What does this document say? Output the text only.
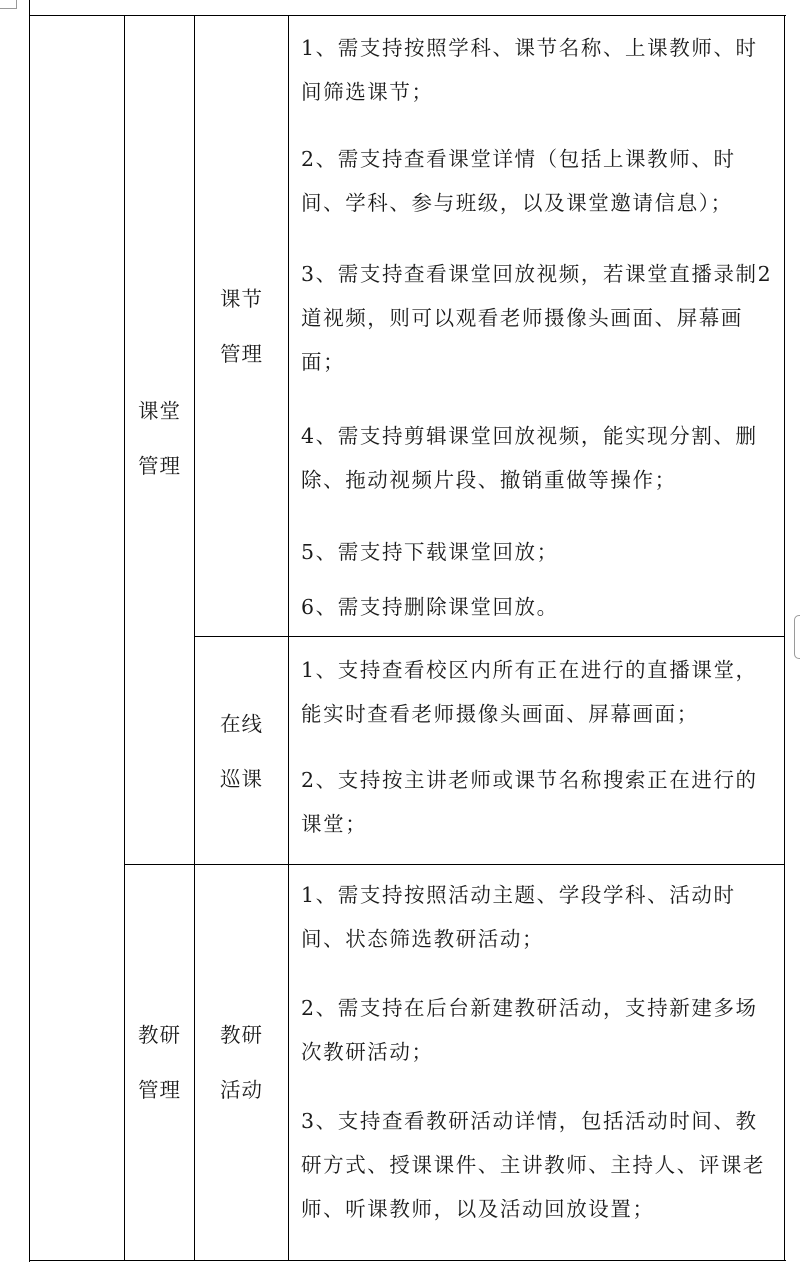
课堂
管理
教研
管理
课节
管理
在线
巡课
教研
活动
1、需支持按照学科、课节名称、上课教师、时间筛选课节；
2、需支持查看课堂详情（包括上课教师、时间、学科、参与班级，以及课堂邀请信息）；
3、需支持查看课堂回放视频，若课堂直播录制2道视频，则可以观看老师摄像头画面、屏幕画面；
4、需支持剪辑课堂回放视频，能实现分割、删除、拖动视频片段、撤销重做等操作；
5、需支持下载课堂回放；
6、需支持删除课堂回放。
1、支持查看校区内所有正在进行的直播课堂，能实时查看老师摄像头画面、屏幕画面；
2、支持按主讲老师或课节名称搜索正在进行的课堂；
1、需支持按照活动主题、学段学科、活动时间、状态筛选教研活动；
2、需支持在后台新建教研活动，支持新建多场次教研活动；
3、支持查看教研活动详情，包括活动时间、教研方式、授课课件、主讲教师、主持人、评课老师、听课教师，以及活动回放设置；
